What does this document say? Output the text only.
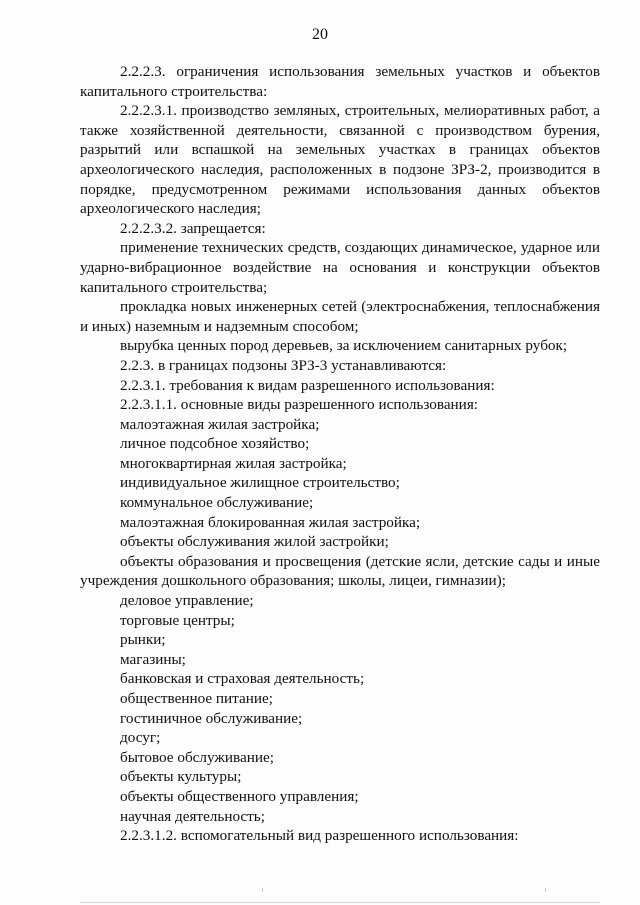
20

2.2.2.3. ограничения использования земельных участков и объектов капитального строительства:

2.2.2.3.1. производство земляных, строительных, мелиоративных работ, а также хозяйственной деятельности, связанной с производством бурения, разрытий или вспашкой на земельных участках в границах объектов археологического наследия, расположенных в подзоне ЗРЗ-2, производится в порядке, предусмотренном режимами использования данных объектов археологического наследия;

2.2.2.3.2. запрещается:

применение технических средств, создающих динамическое, ударное или ударно-вибрационное воздействие на основания и конструкции объектов капитального строительства;

прокладка новых инженерных сетей (электроснабжения, теплоснабжения и иных) наземным и надземным способом;

вырубка ценных пород деревьев, за исключением санитарных рубок;

2.2.3. в границах подзоны ЗРЗ-3 устанавливаются:

2.2.3.1. требования к видам разрешенного использования:

2.2.3.1.1. основные виды разрешенного использования:

малоэтажная жилая застройка;

личное подсобное хозяйство;

многоквартирная жилая застройка;

индивидуальное жилищное строительство;

коммунальное обслуживание;

малоэтажная блокированная жилая застройка;

объекты обслуживания жилой застройки;

объекты образования и просвещения (детские ясли, детские сады и иные учреждения дошкольного образования; школы, лицеи, гимназии);

деловое управление;

торговые центры;

рынки;

магазины;

банковская и страховая деятельность;

общественное питание;

гостиничное обслуживание;

досуг;

бытовое обслуживание;

объекты культуры;

объекты общественного управления;

научная деятельность;

2.2.3.1.2. вспомогательный вид разрешенного использования:
